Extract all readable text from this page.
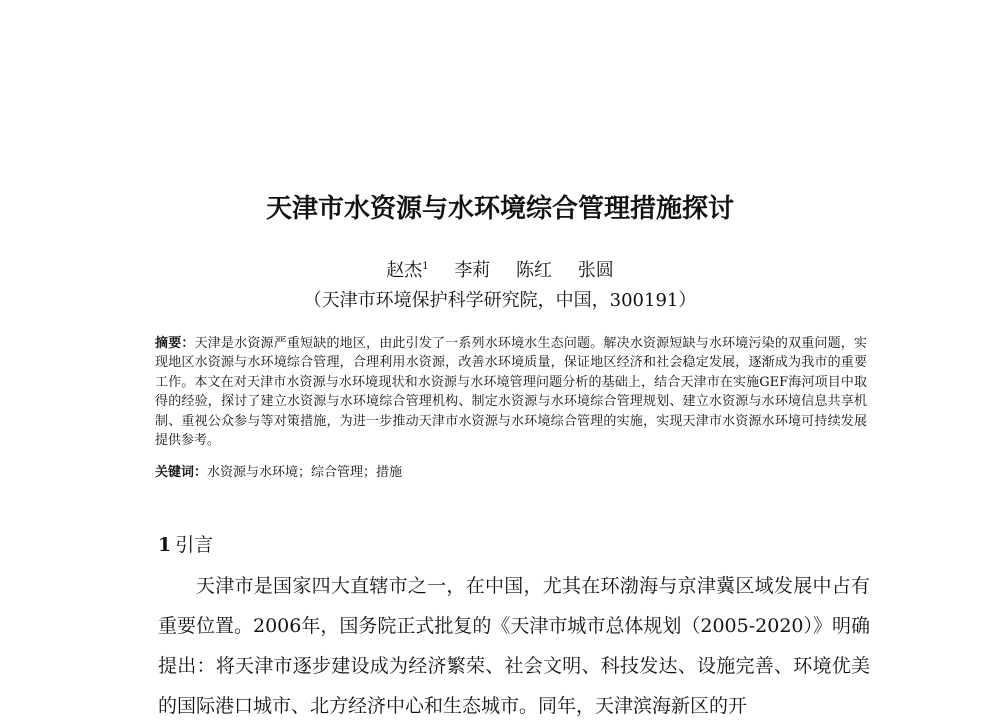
天津市水资源与水环境综合管理措施探讨
赵杰$^1$ 李莉 陈红 张圆
（天津市环境保护科学研究院，中国，300191）
摘要：天津是水资源严重短缺的地区，由此引发了一系列水环境水生态问题。解决水资源短缺与水环境污染的双重问题，实现地区水资源与水环境综合管理，合理利用水资源，改善水环境质量，保证地区经济和社会稳定发展，逐渐成为我市的重要工作。本文在对天津市水资源与水环境现状和水资源与水环境管理问题分析的基础上，结合天津市在实施GEF海河项目中取得的经验，探讨了建立水资源与水环境综合管理机构、制定水资源与水环境综合管理规划、建立水资源与水环境信息共享机制、重视公众参与等对策措施，为进一步推动天津市水资源与水环境综合管理的实施，实现天津市水资源水环境可持续发展提供参考。
关键词：水资源与水环境；综合管理；措施
1 引言

天津市是国家四大直辖市之一，在中国，尤其在环渤海与京津冀区域发展中占有重要位置。2006年，国务院正式批复的《天津市城市总体规划（2005-2020）》明确提出：将天津市逐步建设成为经济繁荣、社会文明、科技发达、设施完善、环境优美的国际港口城市、北方经济中心和生态城市。同年，天津滨海新区的开
